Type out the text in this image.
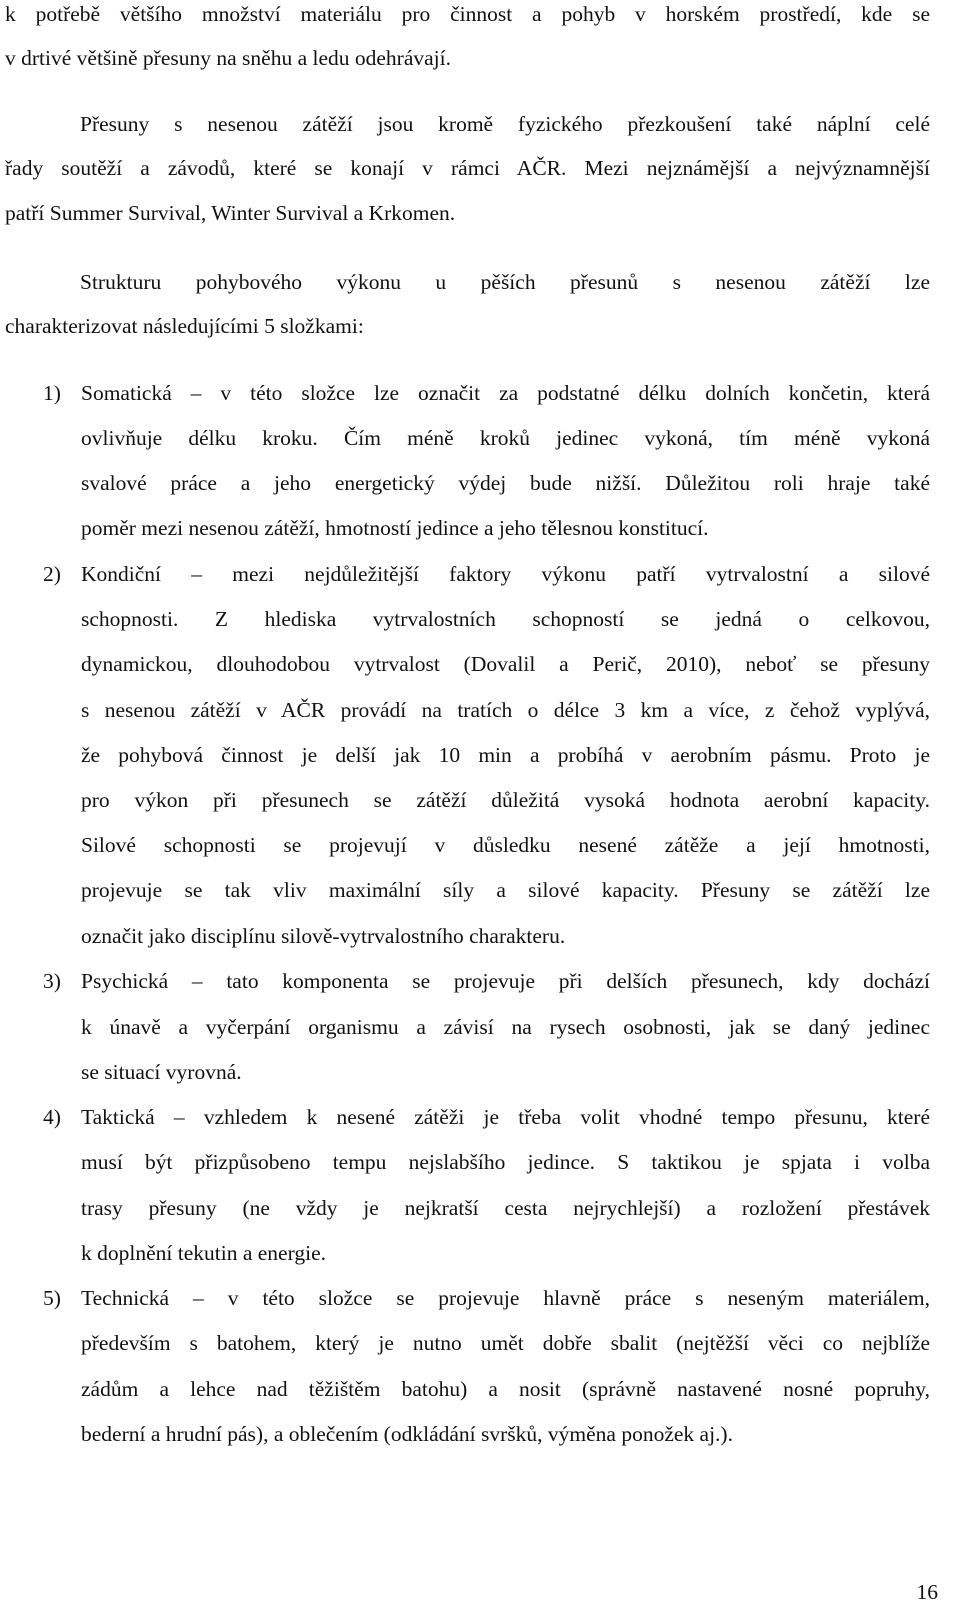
k potřebě většího množství materiálu pro činnost a pohyb v horském prostředí, kde se
v drtivé většině přesuny na sněhu a ledu odehrávají.
Přesuny s nesenou zátěží jsou kromě fyzického přezkoušení také náplní celé
řady soutěží a závodů, které se konají v rámci AČR. Mezi nejznámější a nejvýznamnější
patří Summer Survival, Winter Survival a Krkomen.
Strukturu pohybového výkonu u pěších přesunů s nesenou zátěží lze
charakterizovat následujícími 5 složkami:
1) Somatická – v této složce lze označit za podstatné délku dolních končetin, která
ovlivňuje délku kroku. Čím méně kroků jedinec vykoná, tím méně vykoná
svalové práce a jeho energetický výdej bude nižší. Důležitou roli hraje také
poměr mezi nesenou zátěží, hmotností jedince a jeho tělesnou konstitucí.
2) Kondiční – mezi nejdůležitější faktory výkonu patří vytrvalostní a silové
schopnosti. Z hlediska vytrvalostních schopností se jedná o celkovou,
dynamickou, dlouhodobou vytrvalost (Dovalil a Perič, 2010), neboť se přesuny
s nesenou zátěží v AČR provádí na tratích o délce 3 km a více, z čehož vyplývá,
že pohybová činnost je delší jak 10 min a probíhá v aerobním pásmu. Proto je
pro výkon při přesunech se zátěží důležitá vysoká hodnota aerobní kapacity.
Silové schopnosti se projevují v důsledku nesené zátěže a její hmotnosti,
projevuje se tak vliv maximální síly a silové kapacity. Přesuny se zátěží lze
označit jako disciplínu silově-vytrvalostního charakteru.
3) Psychická – tato komponenta se projevuje při delších přesunech, kdy dochází
k únavě a vyčerpání organismu a závisí na rysech osobnosti, jak se daný jedinec
se situací vyrovná.
4) Taktická – vzhledem k nesené zátěži je třeba volit vhodné tempo přesunu, které
musí být přizpůsobeno tempu nejslabšího jedince. S taktikou je spjata i volba
trasy přesuny (ne vždy je nejkratší cesta nejrychlejší) a rozložení přestávek
k doplnění tekutin a energie.
5) Technická – v této složce se projevuje hlavně práce s neseným materiálem,
především s batohem, který je nutno umět dobře sbalit (nejtěžší věci co nejblíže
zádům a lehce nad těžištěm batohu) a nosit (správně nastavené nosné popruhy,
bederní a hrudní pás), a oblečením (odkládání svršků, výměna ponožek aj.).
16
